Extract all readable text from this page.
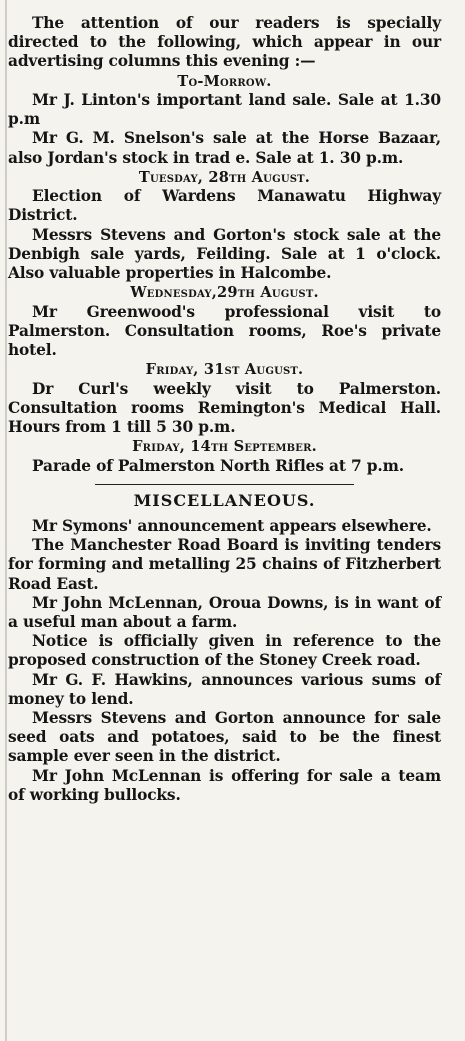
The attention of our readers is specially directed to the following, which appear in our advertising columns this evening :—

To-Morrow.

Mr J. Linton's important land sale. Sale at 1.30 p.m

Mr G. M. Snelson's sale at the Horse Bazaar, also Jordan's stock in trad e. Sale at 1. 30 p.m.

Tuesday, 28th August.

Election of Wardens Manawatu Highway District.

Messrs Stevens and Gorton's stock sale at the Denbigh sale yards, Feilding. Sale at 1 o'clock. Also valuable properties in Halcombe.

Wednesday,29th August.

Mr Greenwood's professional visit to Palmerston. Consultation rooms, Roe's private hotel.

Friday, 31st August.

Dr Curl's weekly visit to Palmerston. Consultation rooms Remington's Medical Hall. Hours from 1 till 5 30 p.m.

Friday, 14th September.

Parade of Palmerston North Rifles at 7 p.m.

MISCELLANEOUS.

Mr Symons' announcement appears elsewhere.

The Manchester Road Board is inviting tenders for forming and metalling 25 chains of Fitzherbert Road East.

Mr John McLennan, Oroua Downs, is in want of a useful man about a farm.

Notice is officially given in reference to the proposed construction of the Stoney Creek road.

Mr G. F. Hawkins, announces various sums of money to lend.

Messrs Stevens and Gorton announce for sale seed oats and potatoes, said to be the finest sample ever seen in the district.

Mr John McLennan is offering for sale a team of working bullocks.
